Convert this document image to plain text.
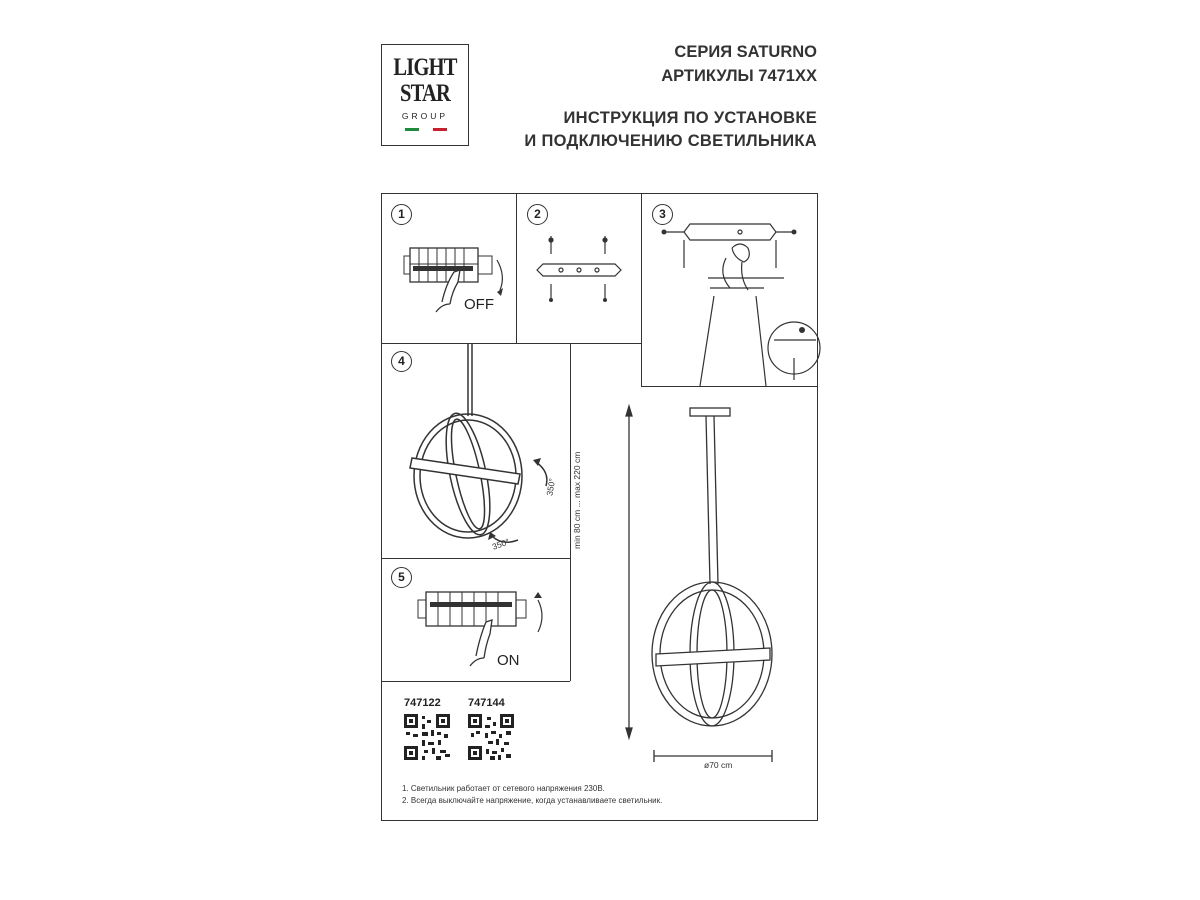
LIGHT
STAR
GROUP
СЕРИЯ SATURNO
АРТИКУЛЫ 7471XX
ИНСТРУКЦИЯ ПО УСТАНОВКЕ
И ПОДКЛЮЧЕНИЮ СВЕТИЛЬНИКА
1	2	3
4
5
OFF
350°
350°
ON
min 80 cm ... max 220 cm
ø70 cm
747122 747144
1. Светильник работает от сетевого напряжения 230В.
2. Всегда выключайте напряжение, когда устанавливаете светильник.
